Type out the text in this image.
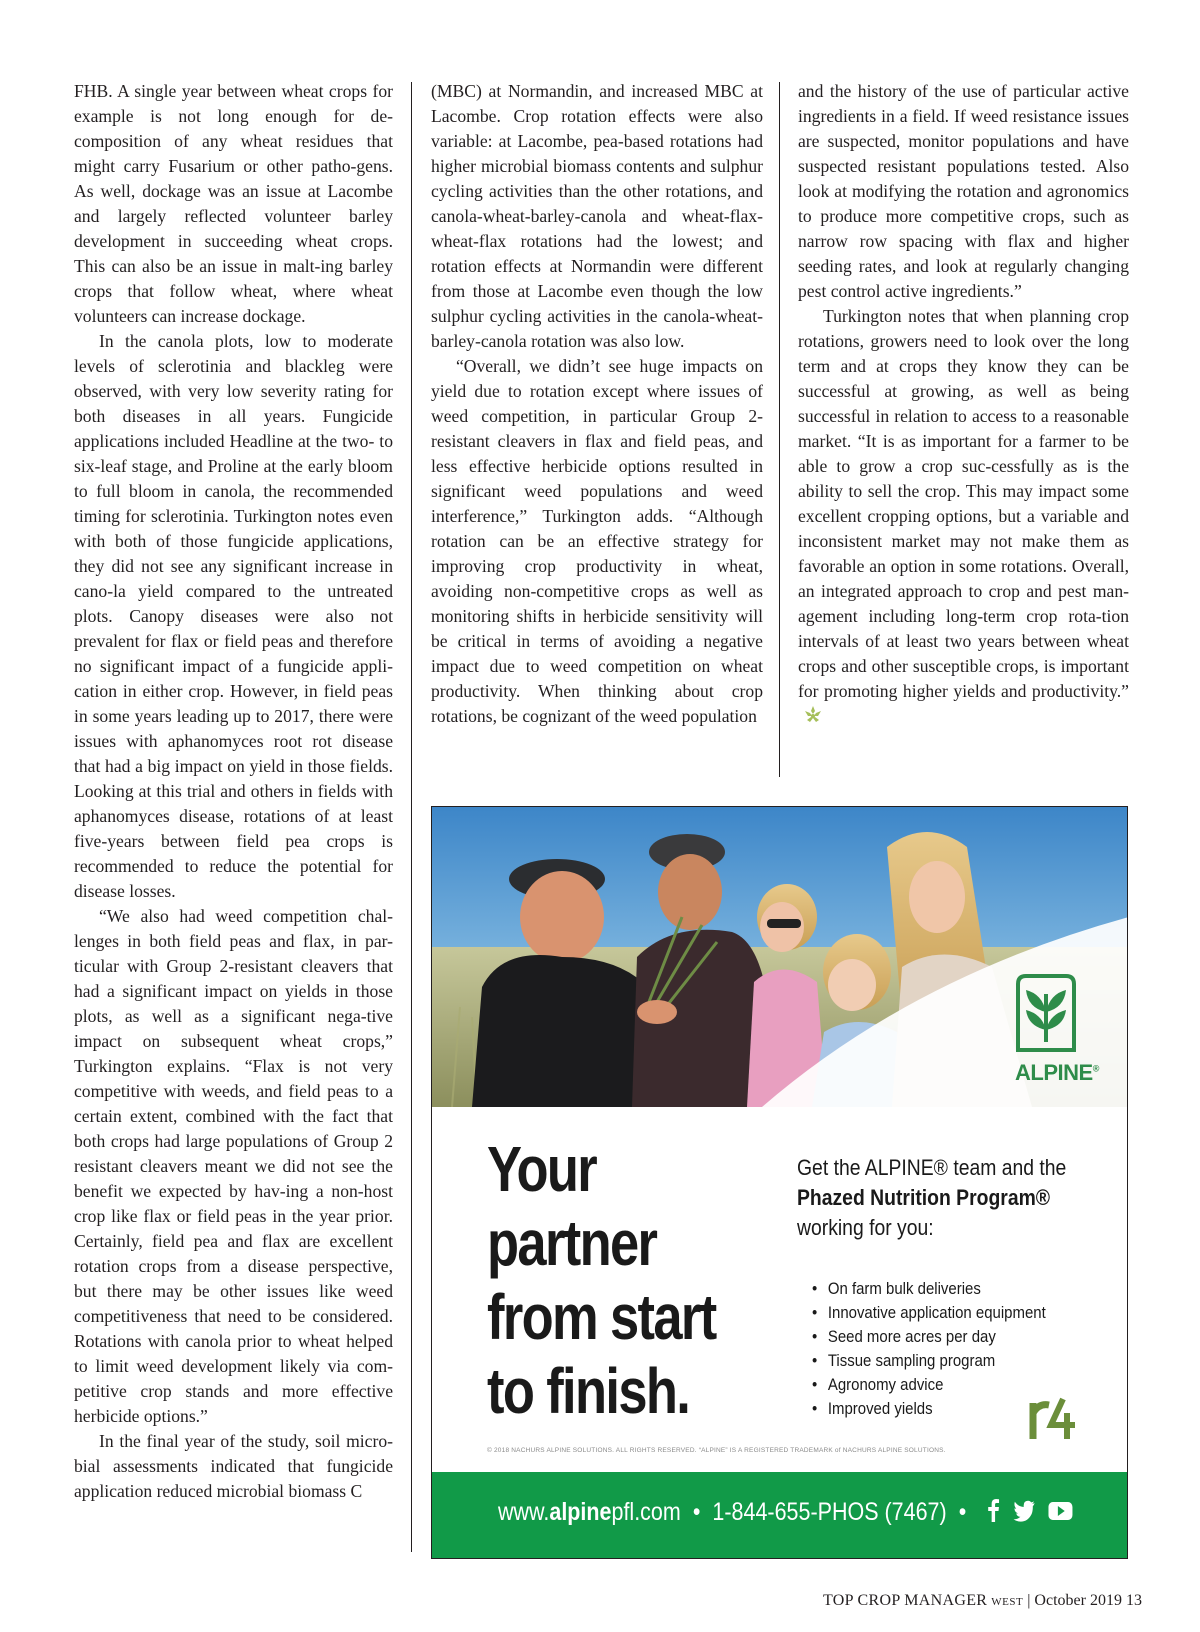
FHB. A single year between wheat crops for example is not long enough for de-composition of any wheat residues that might carry Fusarium or other patho-gens. As well, dockage was an issue at Lacombe and largely reflected volunteer barley development in succeeding wheat crops. This can also be an issue in malt-ing barley crops that follow wheat, where wheat volunteers can increase dockage.

In the canola plots, low to moderate levels of sclerotinia and blackleg were observed, with very low severity rating for both diseases in all years. Fungicide applications included Headline at the two- to six-leaf stage, and Proline at the early bloom to full bloom in canola, the recommended timing for sclerotinia. Turkington notes even with both of those fungicide applications, they did not see any significant increase in cano-la yield compared to the untreated plots. Canopy diseases were also not prevalent for flax or field peas and therefore no significant impact of a fungicide appli-cation in either crop. However, in field peas in some years leading up to 2017, there were issues with aphanomyces root rot disease that had a big impact on yield in those fields. Looking at this trial and others in fields with aphanomyces disease, rotations of at least five-years between field pea crops is recommended to reduce the potential for disease losses.

“We also had weed competition chal-lenges in both field peas and flax, in par-ticular with Group 2-resistant cleavers that had a significant impact on yields in those plots, as well as a significant nega-tive impact on subsequent wheat crops,” Turkington explains. “Flax is not very competitive with weeds, and field peas to a certain extent, combined with the fact that both crops had large populations of Group 2 resistant cleavers meant we did not see the benefit we expected by hav-ing a non-host crop like flax or field peas in the year prior. Certainly, field pea and flax are excellent rotation crops from a disease perspective, but there may be other issues like weed competitiveness that need to be considered. Rotations with canola prior to wheat helped to limit weed development likely via com-petitive crop stands and more effective herbicide options.”

In the final year of the study, soil micro-bial assessments indicated that fungicide application reduced microbial biomass C

(MBC) at Normandin, and increased MBC at Lacombe. Crop rotation effects were also variable: at Lacombe, pea-based rotations had higher microbial biomass contents and sulphur cycling activities than the other rotations, and canola-wheat-barley-canola and wheat-flax-wheat-flax rotations had the lowest; and rotation effects at Normandin were different from those at Lacombe even though the low sulphur cycling activities in the canola-wheat-barley-canola rotation was also low.

“Overall, we didn’t see huge impacts on yield due to rotation except where issues of weed competition, in particular Group 2-resistant cleavers in flax and field peas, and less effective herbicide options resulted in significant weed populations and weed interference,” Turkington adds. “Although rotation can be an effective strategy for improving crop productivity in wheat, avoiding non-competitive crops as well as monitoring shifts in herbicide sensitivity will be critical in terms of avoiding a negative impact due to weed competition on wheat productivity. When thinking about crop rotations, be cognizant of the weed population

and the history of the use of particular active ingredients in a field. If weed resistance issues are suspected, monitor populations and have suspected resistant populations tested. Also look at modifying the rotation and agronomics to produce more competitive crops, such as narrow row spacing with flax and higher seeding rates, and look at regularly changing pest control active ingredients.”

Turkington notes that when planning crop rotations, growers need to look over the long term and at crops they know they can be successful at growing, as well as being successful in relation to access to a reasonable market. “It is as important for a farmer to be able to grow a crop suc-cessfully as is the ability to sell the crop. This may impact some excellent cropping options, but a variable and inconsistent market may not make them as favorable an option in some rotations. Overall, an integrated approach to crop and pest man-agement including long-term crop rota-tion intervals of at least two years between wheat crops and other susceptible crops, is important for promoting higher yields and productivity.”

ALPINE®
Your
partner
from start
to finish.
Get the ALPINE® team and the
Phazed Nutrition Program®
working for you:
• On farm bulk deliveries
• Innovative application equipment
• Seed more acres per day
• Tissue sampling program
• Agronomy advice
• Improved yields
© 2018 NACHURS ALPINE SOLUTIONS. ALL RIGHTS RESERVED. “ALPINE” IS A REGISTERED TRADEMARK of NACHURS ALPINE SOLUTIONS.
www.alpinepfl.com • 1-844-655-PHOS (7467) •
TOP CROP MANAGER WEST | October 2019 13
